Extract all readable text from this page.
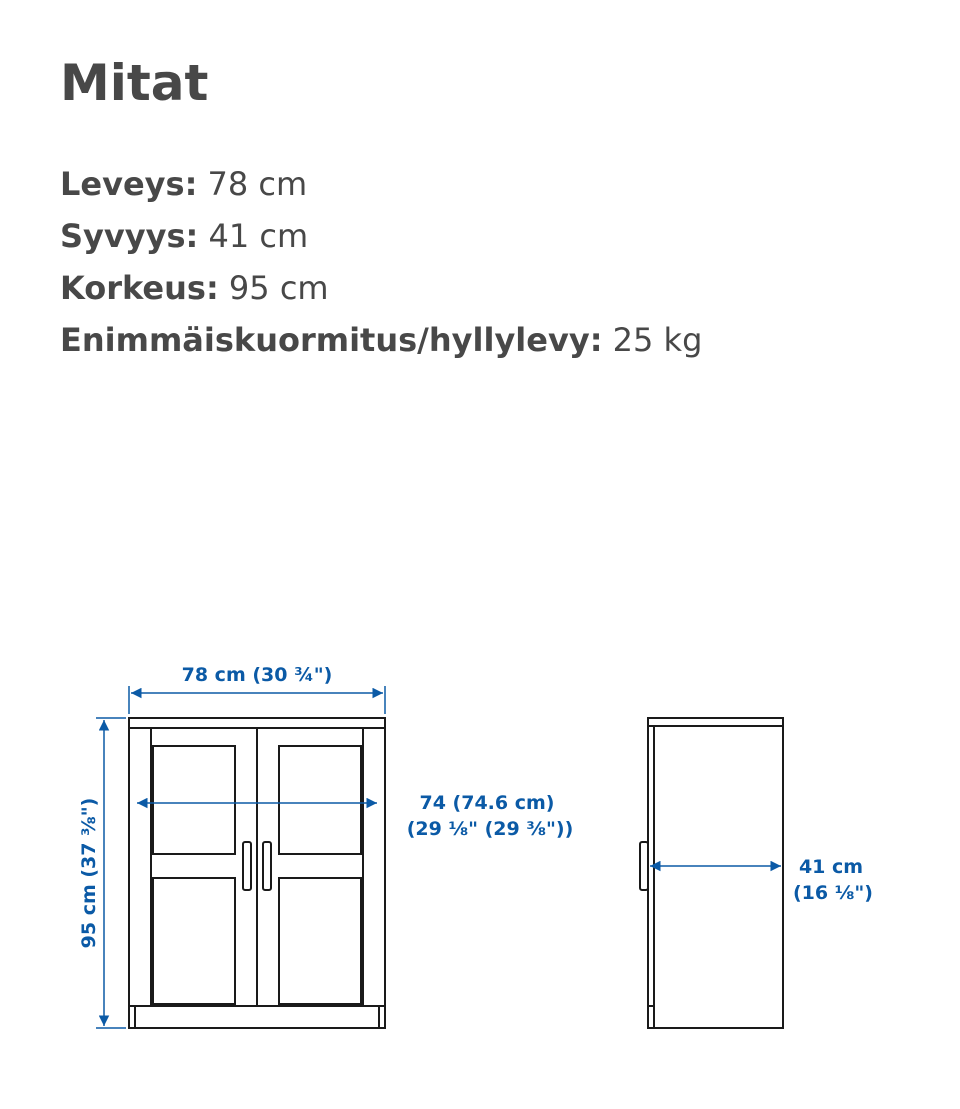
Mitat
Leveys: 78 cm
Syvyys: 41 cm
Korkeus: 95 cm
Enimmäiskuormitus/hyllylevy: 25 kg
78 cm (30 ¾")
95 cm (37 ⅜")	74 (74.6 cm)
(29 ⅛" (29 ⅜"))
41 cm
(16 ⅛")
